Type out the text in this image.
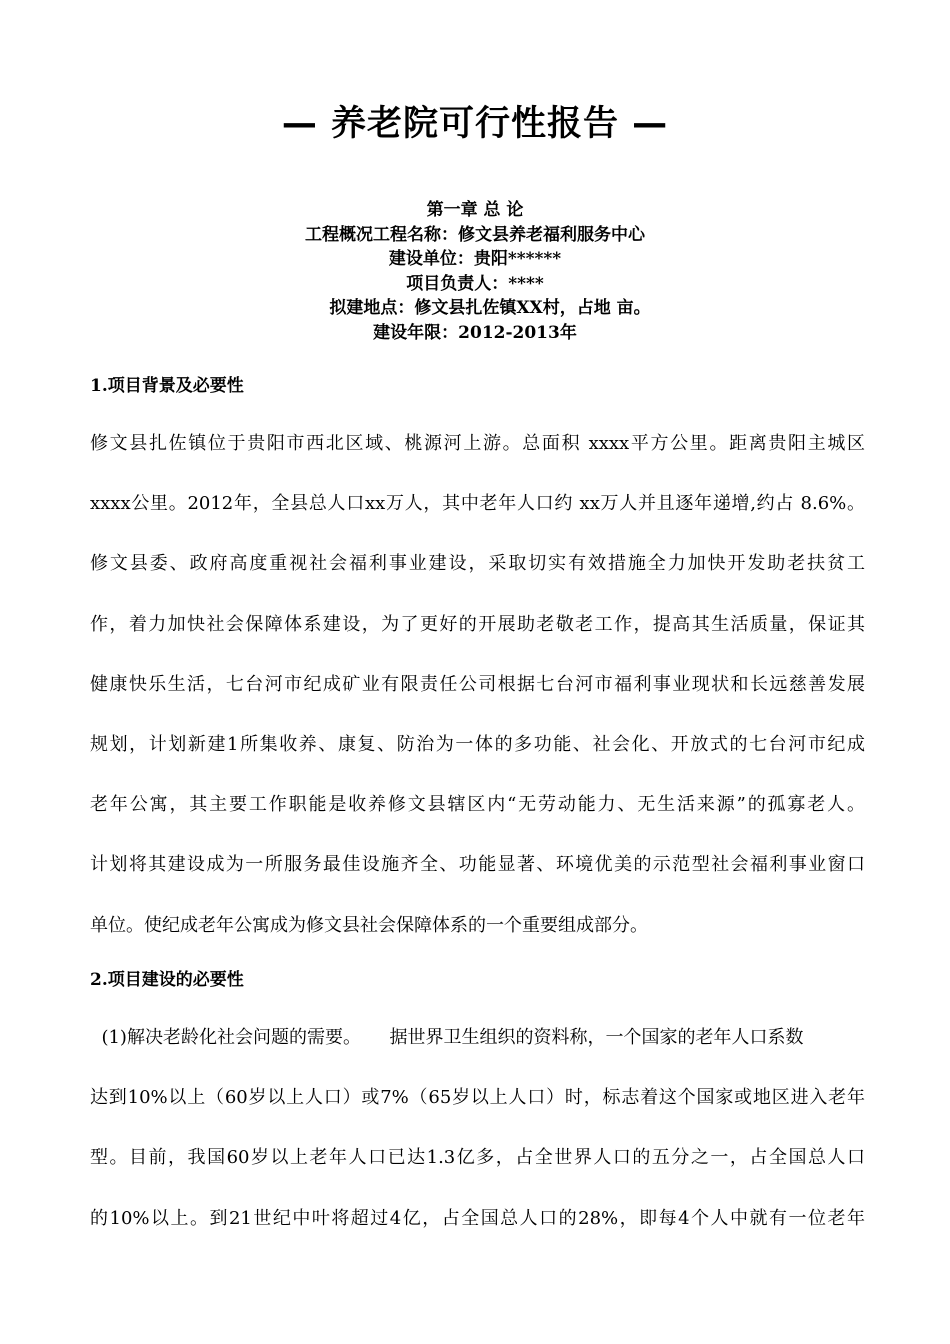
— 养老院可行性报告 —
第一章 总 论
工程概况工程名称：修文县养老福利服务中心
建设单位：贵阳******
项目负责人：****
拟建地点：修文县扎佐镇XX村，占地 亩。
建设年限：2012-2013年
1.项目背景及必要性
修文县扎佐镇位于贵阳市西北区域、桃源河上游。总面积 xxxx平方公里。距离贵阳主城区
xxxx公里。2012年，全县总人口xx万人，其中老年人口约 xx万人并且逐年递增,约占 8.6%。
修文县委、政府高度重视社会福利事业建设，采取切实有效措施全力加快开发助老扶贫工
作，着力加快社会保障体系建设，为了更好的开展助老敬老工作，提高其生活质量，保证其
健康快乐生活，七台河市纪成矿业有限责任公司根据七台河市福利事业现状和长远慈善发展
规划，计划新建1所集收养、康复、防治为一体的多功能、社会化、开放式的七台河市纪成
老年公寓，其主要工作职能是收养修文县辖区内“无劳动能力、无生活来源”的孤寡老人。
计划将其建设成为一所服务最佳设施齐全、功能显著、环境优美的示范型社会福利事业窗口
单位。使纪成老年公寓成为修文县社会保障体系的一个重要组成部分。
2.项目建设的必要性
(1)解决老龄化社会问题的需要。     据世界卫生组织的资料称，一个国家的老年人口系数
达到10%以上（60岁以上人口）或7%（65岁以上人口）时，标志着这个国家或地区进入老年
型。目前，我国60岁以上老年人口已达1.3亿多，占全世界人口的五分之一，占全国总人口
的10%以上。到21世纪中叶将超过4亿，占全国总人口的28%，即每4个人中就有一位老年
